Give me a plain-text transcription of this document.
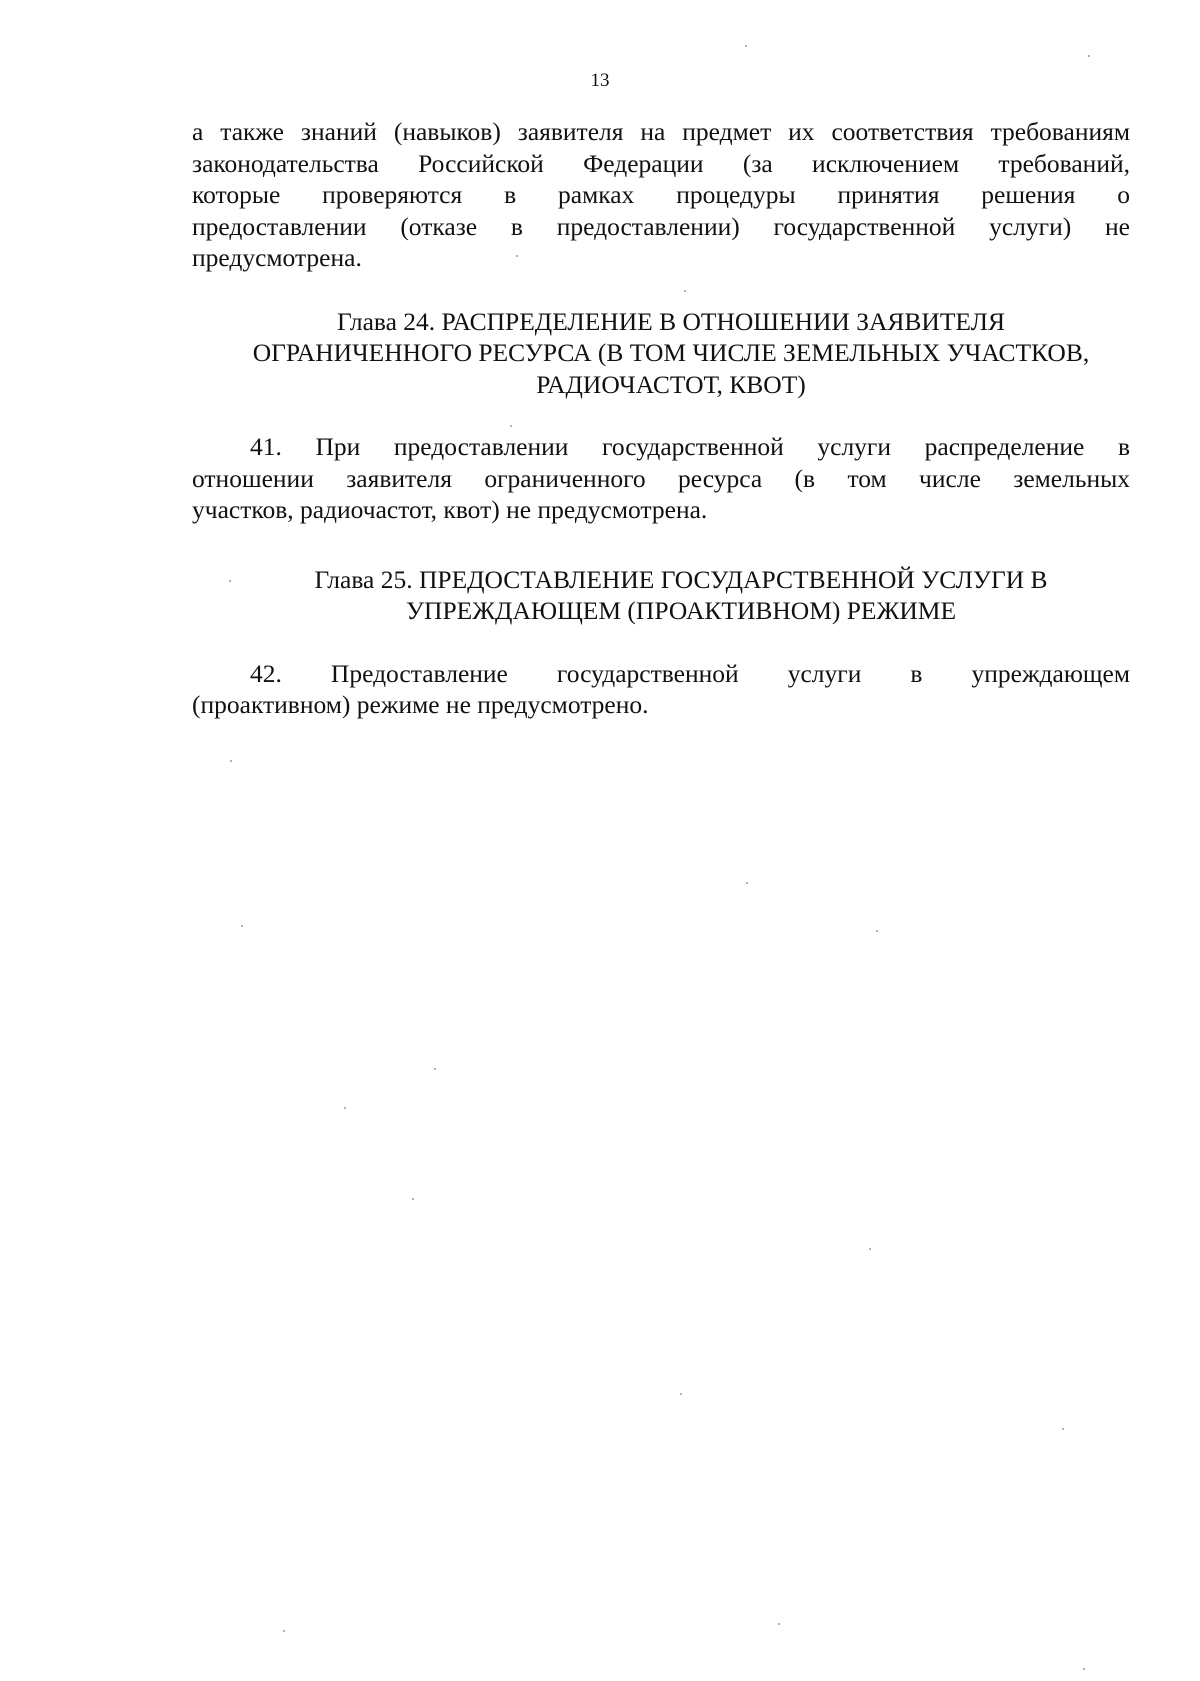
13

а также знаний (навыков) заявителя на предмет их соответствия требованиям
законодательства Российской Федерации (за исключением требований,
которые проверяются в рамках процедуры принятия решения о
предоставлении (отказе в предоставлении) государственной услуги) не
предусмотрена.

Глава 24. РАСПРЕДЕЛЕНИЕ В ОТНОШЕНИИ ЗАЯВИТЕЛЯ
ОГРАНИЧЕННОГО РЕСУРСА (В ТОМ ЧИСЛЕ ЗЕМЕЛЬНЫХ УЧАСТКОВ,
РАДИОЧАСТОТ, КВОТ)

41. При предоставлении государственной услуги распределение в
отношении заявителя ограниченного ресурса (в том числе земельных
участков, радиочастот, квот) не предусмотрена.

Глава 25. ПРЕДОСТАВЛЕНИЕ ГОСУДАРСТВЕННОЙ УСЛУГИ В
УПРЕЖДАЮЩЕМ (ПРОАКТИВНОМ) РЕЖИМЕ

42. Предоставление государственной услуги в упреждающем
(проактивном) режиме не предусмотрено.
